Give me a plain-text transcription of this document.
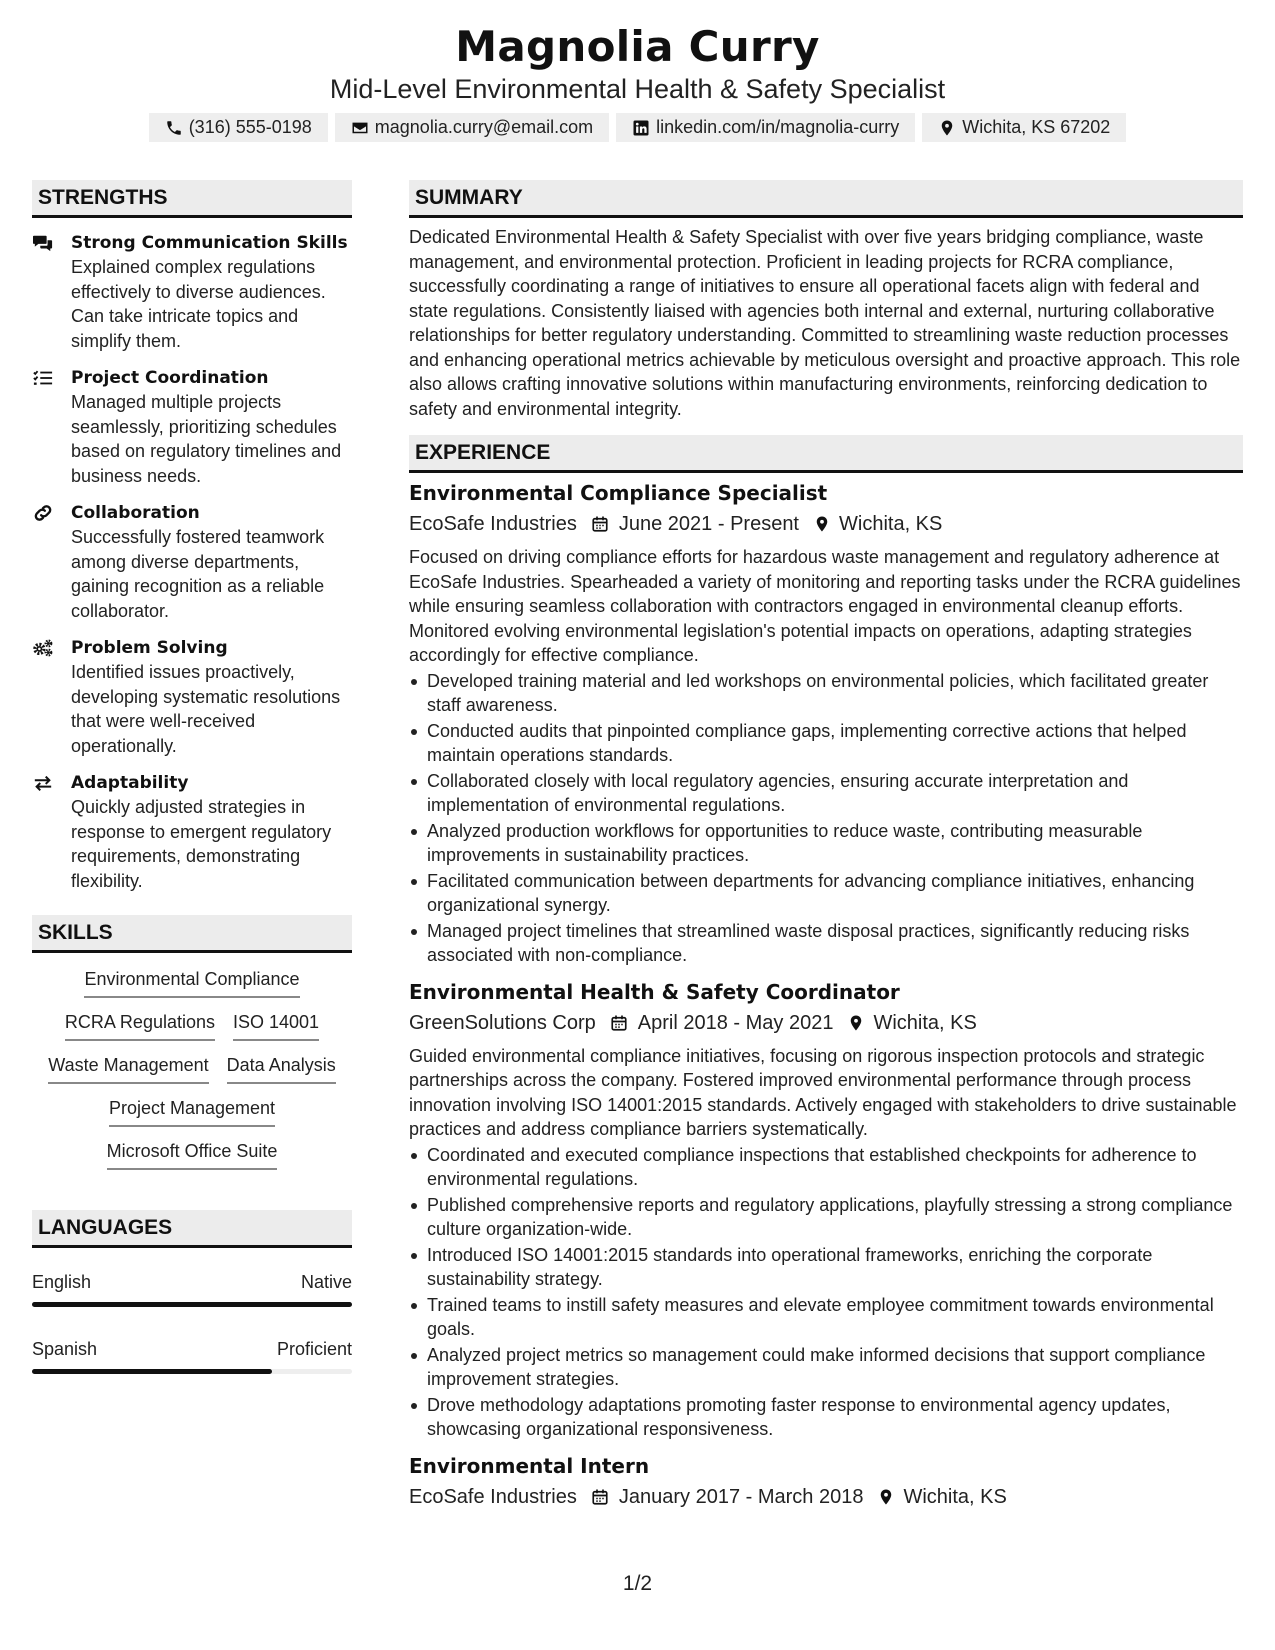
Magnolia Curry
Mid-Level Environmental Health & Safety Specialist
(316) 555-0198	magnolia.curry@email.com	linkedin.com/in/magnolia-curry	Wichita, KS 67202
STRENGTHS
Strong Communication Skills
Explained complex regulations effectively to diverse audiences. Can take intricate topics and simplify them.
Project Coordination
Managed multiple projects seamlessly, prioritizing schedules based on regulatory timelines and business needs.
Collaboration
Successfully fostered teamwork among diverse departments, gaining recognition as a reliable collaborator.
Problem Solving
Identified issues proactively, developing systematic resolutions that were well-received operationally.
Adaptability
Quickly adjusted strategies in response to emergent regulatory requirements, demonstrating flexibility.
SKILLS
Environmental Compliance
RCRA Regulations ISO 14001
Waste Management Data Analysis
Project Management
Microsoft Office Suite
LANGUAGES
English	Native
Spanish	Proficient
SUMMARY
Dedicated Environmental Health & Safety Specialist with over five years bridging compliance, waste management, and environmental protection. Proficient in leading projects for RCRA compliance, successfully coordinating a range of initiatives to ensure all operational facets align with federal and state regulations. Consistently liaised with agencies both internal and external, nurturing collaborative relationships for better regulatory understanding. Committed to streamlining waste reduction processes and enhancing operational metrics achievable by meticulous oversight and proactive approach. This role also allows crafting innovative solutions within manufacturing environments, reinforcing dedication to safety and environmental integrity.
EXPERIENCE
Environmental Compliance Specialist
EcoSafe Industries June 2021 - Present Wichita, KS
Focused on driving compliance efforts for hazardous waste management and regulatory adherence at EcoSafe Industries. Spearheaded a variety of monitoring and reporting tasks under the RCRA guidelines while ensuring seamless collaboration with contractors engaged in environmental cleanup efforts. Monitored evolving environmental legislation's potential impacts on operations, adapting strategies accordingly for effective compliance.
Developed training material and led workshops on environmental policies, which facilitated greater staff awareness.
Conducted audits that pinpointed compliance gaps, implementing corrective actions that helped maintain operations standards.
Collaborated closely with local regulatory agencies, ensuring accurate interpretation and implementation of environmental regulations.
Analyzed production workflows for opportunities to reduce waste, contributing measurable improvements in sustainability practices.
Facilitated communication between departments for advancing compliance initiatives, enhancing organizational synergy.
Managed project timelines that streamlined waste disposal practices, significantly reducing risks associated with non-compliance.
Environmental Health & Safety Coordinator
GreenSolutions Corp April 2018 - May 2021 Wichita, KS
Guided environmental compliance initiatives, focusing on rigorous inspection protocols and strategic partnerships across the company. Fostered improved environmental performance through process innovation involving ISO 14001:2015 standards. Actively engaged with stakeholders to drive sustainable practices and address compliance barriers systematically.
Coordinated and executed compliance inspections that established checkpoints for adherence to environmental regulations.
Published comprehensive reports and regulatory applications, playfully stressing a strong compliance culture organization-wide.
Introduced ISO 14001:2015 standards into operational frameworks, enriching the corporate sustainability strategy.
Trained teams to instill safety measures and elevate employee commitment towards environmental goals.
Analyzed project metrics so management could make informed decisions that support compliance improvement strategies.
Drove methodology adaptations promoting faster response to environmental agency updates, showcasing organizational responsiveness.
Environmental Intern
EcoSafe Industries January 2017 - March 2018 Wichita, KS
1/2
